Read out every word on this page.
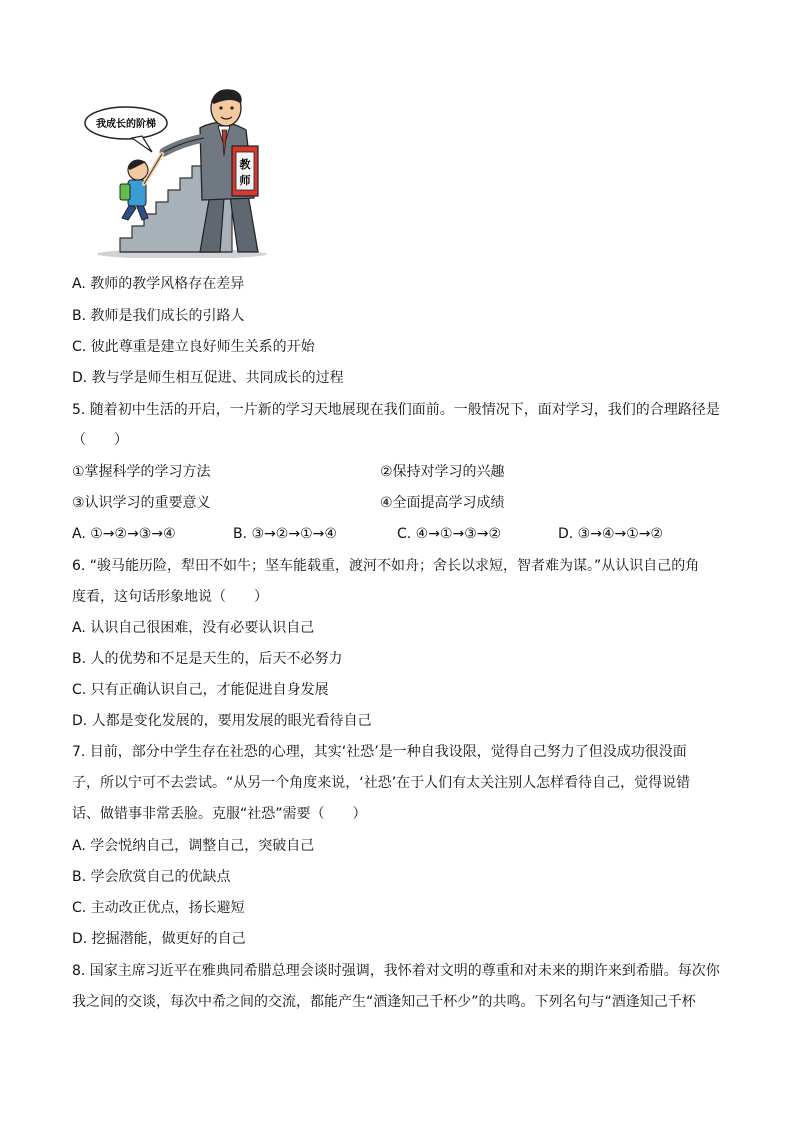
我成长的阶梯
教
师
A. 教师的教学风格存在差异
B. 教师是我们成长的引路人
C. 彼此尊重是建立良好师生关系的开始
D. 教与学是师生相互促进、共同成长的过程
5. 随着初中生活的开启，一片新的学习天地展现在我们面前。一般情况下，面对学习，我们的合理路径是
（　　）
①掌握科学的学习方法	②保持对学习的兴趣
③认识学习的重要意义	④全面提高学习成绩
A. ①→②→③→④	B. ③→②→①→④	C. ④→①→③→②	D. ③→④→①→②
6. “骏马能历险，犁田不如牛；坚车能载重，渡河不如舟；舍长以求短，智者难为谋。”从认识自己的角
度看，这句话形象地说（　　）
A. 认识自己很困难，没有必要认识自己
B. 人的优势和不足是天生的，后天不必努力
C. 只有正确认识自己，才能促进自身发展
D. 人都是变化发展的，要用发展的眼光看待自己
7. 目前，部分中学生存在社恐的心理，其实‘社恐’是一种自我设限，觉得自己努力了但没成功很没面
子，所以宁可不去尝试。“从另一个角度来说，‘社恐’在于人们有太关注别人怎样看待自己，觉得说错
话、做错事非常丢脸。克服“社恐”需要（　　）
A. 学会悦纳自己，调整自己，突破自己
B. 学会欣赏自己的优缺点
C. 主动改正优点，扬长避短
D. 挖掘潜能，做更好的自己
8. 国家主席习近平在雅典同希腊总理会谈时强调，我怀着对文明的尊重和对未来的期许来到希腊。每次你
我之间的交谈，每次中希之间的交流，都能产生“酒逢知己千杯少”的共鸣。下列名句与“酒逢知己千杯
